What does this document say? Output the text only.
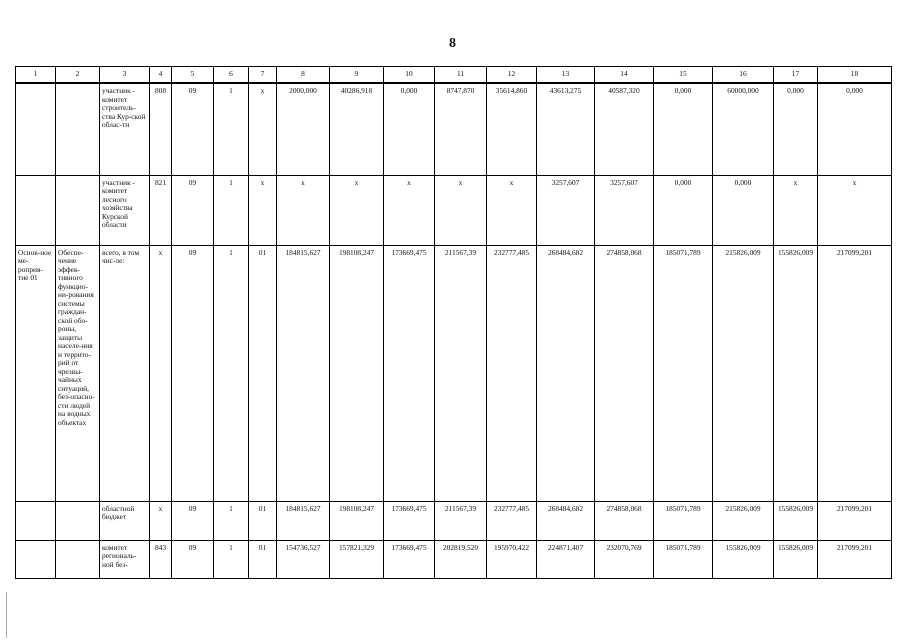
8
1	2	3	4	5	6	7	8	9	10	11	12	13	14	15	16	17	18
		участник - комитет строитель-ства Кур-ской облас-ти	808	09	1	х	2000,000	40286,918	0,000	8747,870	35614,860	43613,275	40587,320	0,000	60000,000	0,000	0,000
		участник - комитет лесного хозяйства Курской области	821	09	1	х	х	х	х	х	х	3257,607	3257,607	0,000	0,000	х	х
Основ-ное ме-роприя-тие 01	Обеспе-чение эффек-тивного функцио-ни-рования системы граждан-ской обо-роны, защиты населе-ния и террито-рий от чрезвы-чайных ситуаций, без-опасно-сти людей на водных объектах	всего, в том чис-ле:	х	09	1	01	184815,627	198108,247	173669,475	211567,39	232777,485	268484,682	274858,068	185071,789	215826,009	155826,009	217099,201
		областной бюджет	х	09	1	01	184815,627	198108,247	173669,475	211567,39	232777,485	268484,682	274858,068	185071,789	215826,009	155826,009	217099,201
		комитет региональ-ной без-	843	09	1	01	154736,527	157821,329	173669,475	202819,520	195970,422	224871,407	232070,769	185071,789	155826,009	155826,009	217099,201
